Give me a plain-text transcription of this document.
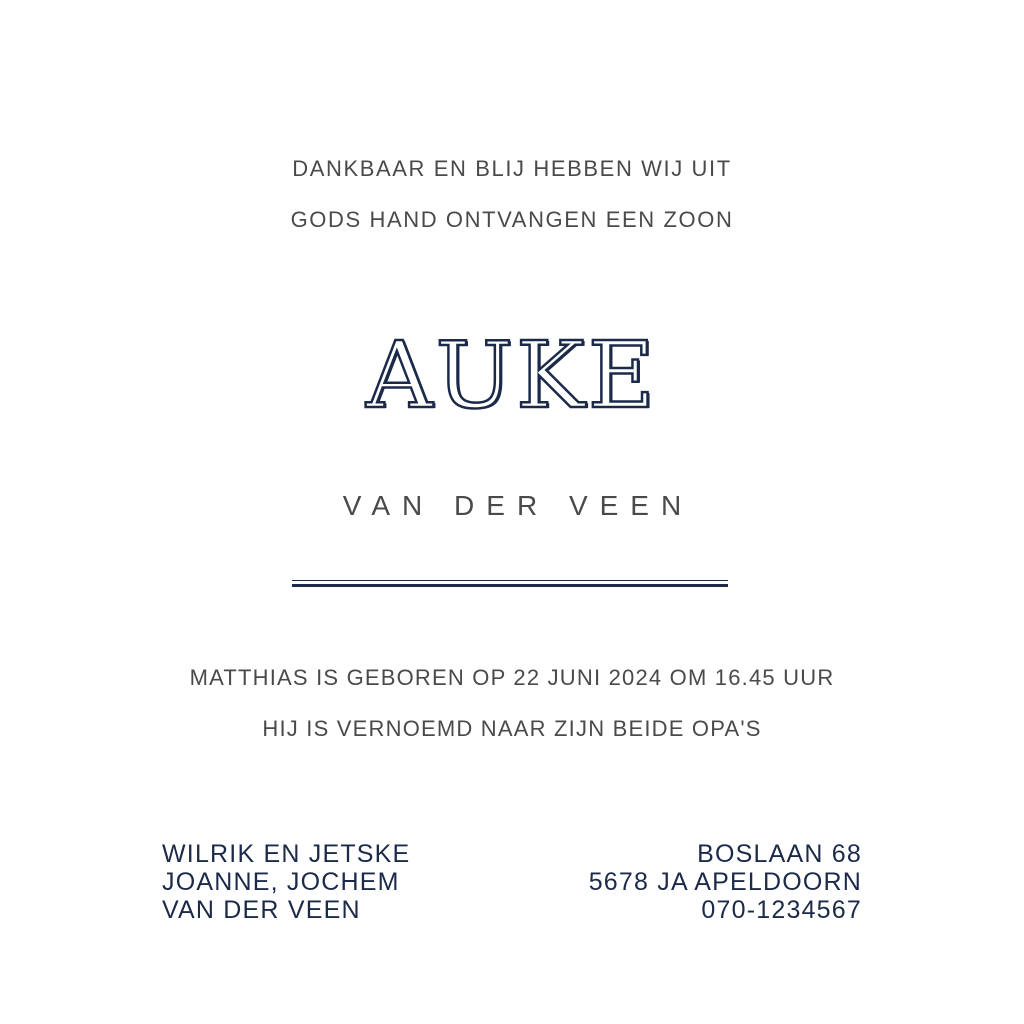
DANKBAAR EN BLIJ HEBBEN WIJ UIT
GODS HAND ONTVANGEN EEN ZOON
AUKE
VAN DER VEEN
MATTHIAS IS GEBOREN OP 22 JUNI 2024 OM 16.45 UUR
HIJ IS VERNOEMD NAAR ZIJN BEIDE OPA'S
WILRIK EN JETSKE
JOANNE, JOCHEM
VAN DER VEEN
BOSLAAN 68
5678 JA APELDOORN
070-1234567
